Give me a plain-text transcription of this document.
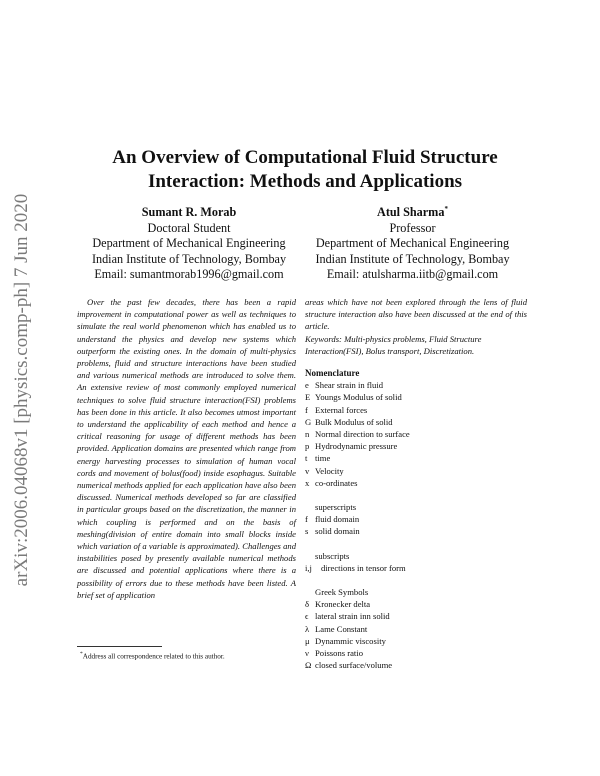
arXiv:2006.04068v1 [physics.comp-ph] 7 Jun 2020
An Overview of Computational Fluid Structure
Interaction: Methods and Applications
Sumant R. Morab
Doctoral Student
Department of Mechanical Engineering
Indian Institute of Technology, Bombay
Email: sumantmorab1996@gmail.com
Atul Sharma*
Professor
Department of Mechanical Engineering
Indian Institute of Technology, Bombay
Email: atulsharma.iitb@gmail.com

Over the past few decades, there has been a rapid improvement in computational power as well as techniques to simulate the real world phenomenon which has enabled us to understand the physics and develop new systems which outperform the existing ones. In the domain of multi-physics problems, fluid and structure interactions have been studied and various numerical methods are introduced to solve them. An extensive review of most commonly employed numerical techniques to solve fluid structure interaction(FSI) problems has been done in this article. It also becomes utmost important to understand the applicability of each method and hence a critical reasoning for usage of different methods has been provided. Application domains are presented which range from energy harvesting processes to simulation of human vocal cords and movement of bolus(food) inside esophagus. Suitable numerical methods applied for each application have also been discussed. Numerical methods developed so far are classified in particular groups based on the discretization, the manner in which coupling is performed and on the basis of meshing(division of entire domain into small blocks inside which variation of a variable is approximated). Challenges and instabilities posed by presently available numerical methods are discussed and potential applications where there is a possibility of errors due to these methods have been listed. A brief set of application

areas which have not been explored through the lens of fluid structure interaction also have been discussed at the end of this article.
Keywords: Multi-physics problems, Fluid Structure Interaction(FSI), Bolus transport, Discretization.
Nomenclature
e Shear strain in fluid
E Youngs Modulus of solid
f External forces
G Bulk Modulus of solid
n Normal direction to surface
p Hydrodynamic pressure
t time
v Velocity
x co-ordinates
superscripts
f fluid domain
s solid domain
subscripts
i,j	directions in tensor form
Greek Symbols
δ Kronecker delta
ϵ lateral strain inn solid
λ Lame Constant
μ Dynammic viscosity
ν Poissons ratio
Ω closed surface/volume
*Address all correspondence related to this author.
